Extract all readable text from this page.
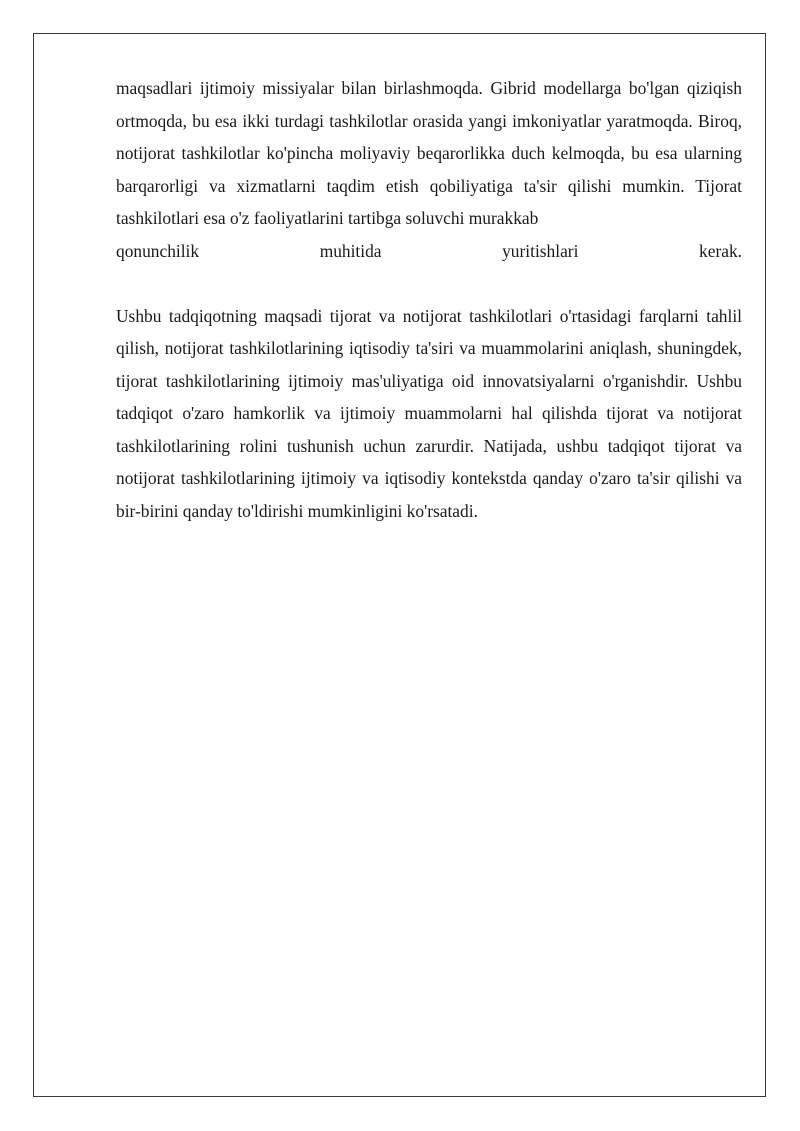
maqsadlari ijtimoiy missiyalar bilan birlashmoqda. Gibrid modellarga bo'lgan qiziqish ortmoqda, bu esa ikki turdagi tashkilotlar orasida yangi imkoniyatlar yaratmoqda. Biroq, notijorat tashkilotlar ko'pincha moliyaviy beqarorlikka duch kelmoqda, bu esa ularning barqarorligi va xizmatlarni taqdim etish qobiliyatiga ta'sir qilishi mumkin. Tijorat tashkilotlari esa o'z faoliyatlarini tartibga soluvchi murakkab
qonunchilik	muhitida	yuritishlari	kerak.

Ushbu tadqiqotning maqsadi tijorat va notijorat tashkilotlari o'rtasidagi farqlarni tahlil qilish, notijorat tashkilotlarining iqtisodiy ta'siri va muammolarini aniqlash, shuningdek, tijorat tashkilotlarining ijtimoiy mas'uliyatiga oid innovatsiyalarni o'rganishdir. Ushbu tadqiqot o'zaro hamkorlik va ijtimoiy muammolarni hal qilishda tijorat va notijorat tashkilotlarining rolini tushunish uchun zarurdir. Natijada, ushbu tadqiqot tijorat va notijorat tashkilotlarining ijtimoiy va iqtisodiy kontekstda qanday o'zaro ta'sir qilishi va bir-birini qanday to'ldirishi mumkinligini ko'rsatadi.
